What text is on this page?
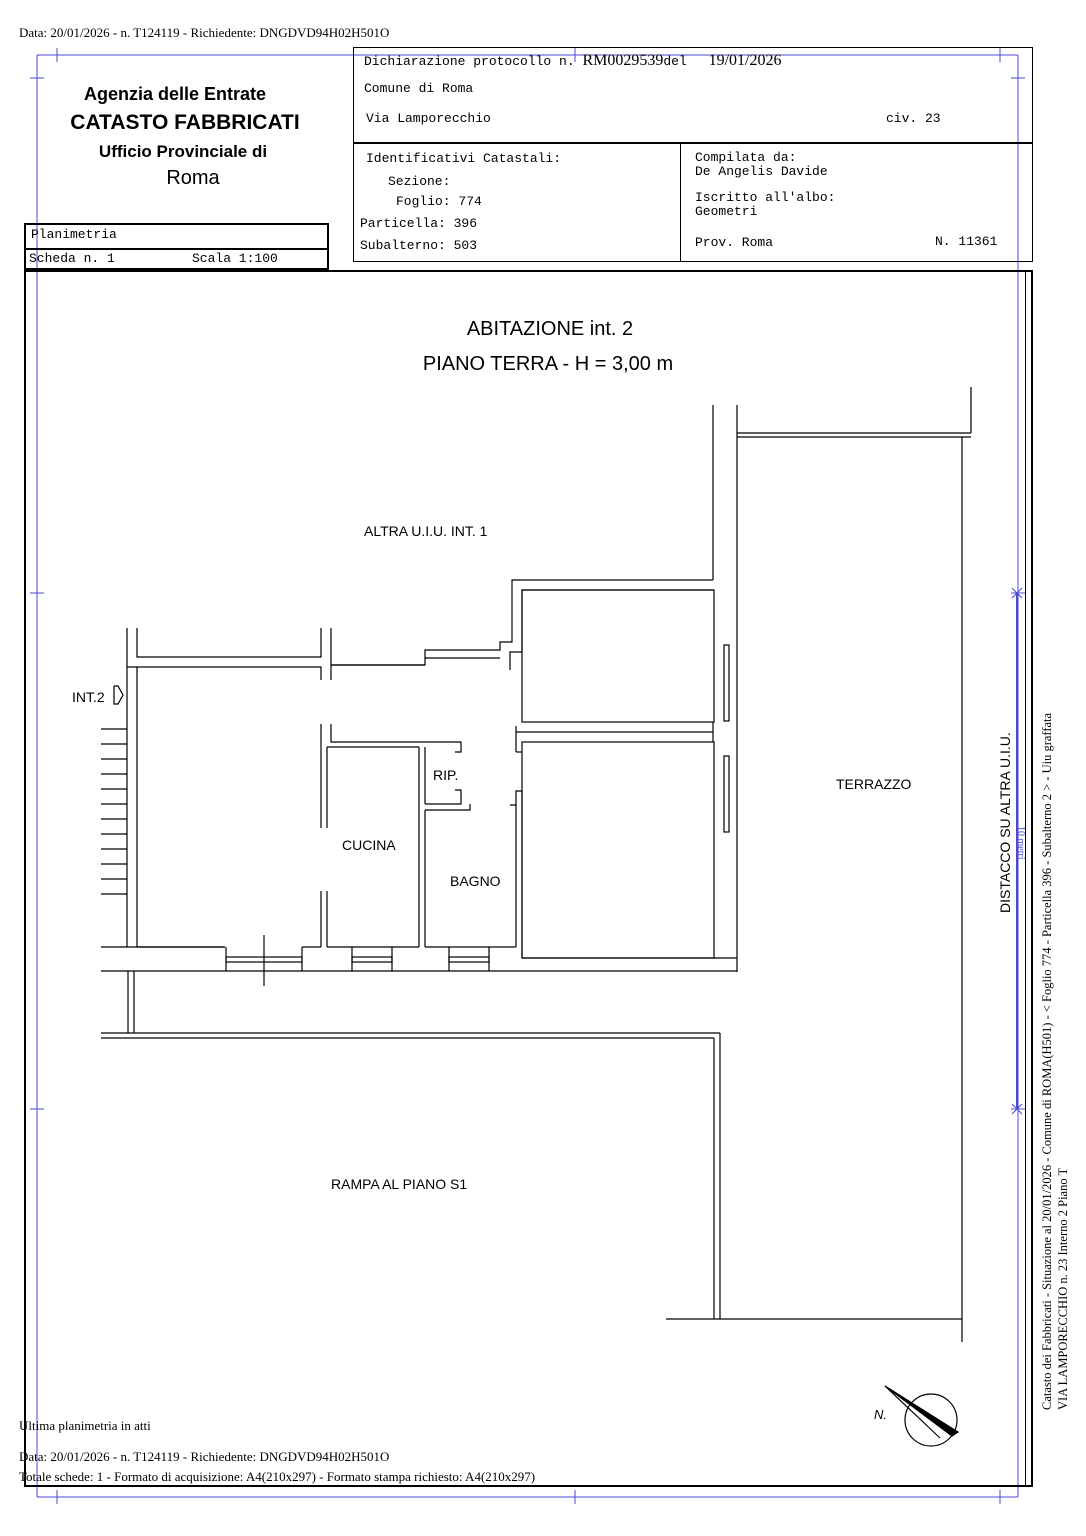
Data: 20/01/2026 - n. T124119 - Richiedente: DNGDVD94H02H501O
Agenzia delle Entrate
CATASTO FABBRICATI
Ufficio Provinciale di
Roma
Planimetria
Scheda n. 1	Scala 1:100
Dichiarazione protocollo n. RM0029539del 19/01/2026
Comune di Roma
Via Lamporecchio	civ. 23
Identificativi Catastali:
Sezione:
Foglio: 774
Particella: 396
Subalterno: 503
Compilata da:
De Angelis Davide
Iscritto all'albo:
Geometri
Prov. Roma	N. 11361
ABITAZIONE int. 2
PIANO TERRA - H = 3,00 m
ALTRA U.I.U. INT. 1
INT.2
RIP.
CUCINA
BAGNO
TERRAZZO
RAMPA AL PIANO S1
DISTACCO SU ALTRA U.I.U.
N.
10 metri Catasto dei Fabbricati - Situazione al 20/01/2026 - Comune di ROMA(H501) - < Foglio 774 - Particella 396 - Subalterno 2 > - Uiu graffata VIA LAMPORECCHIO n. 23 Interno 2 Piano T
Ultima planimetria in atti
Data: 20/01/2026 - n. T124119 - Richiedente: DNGDVD94H02H501O
Totale schede: 1 - Formato di acquisizione: A4(210x297) - Formato stampa richiesto: A4(210x297)
